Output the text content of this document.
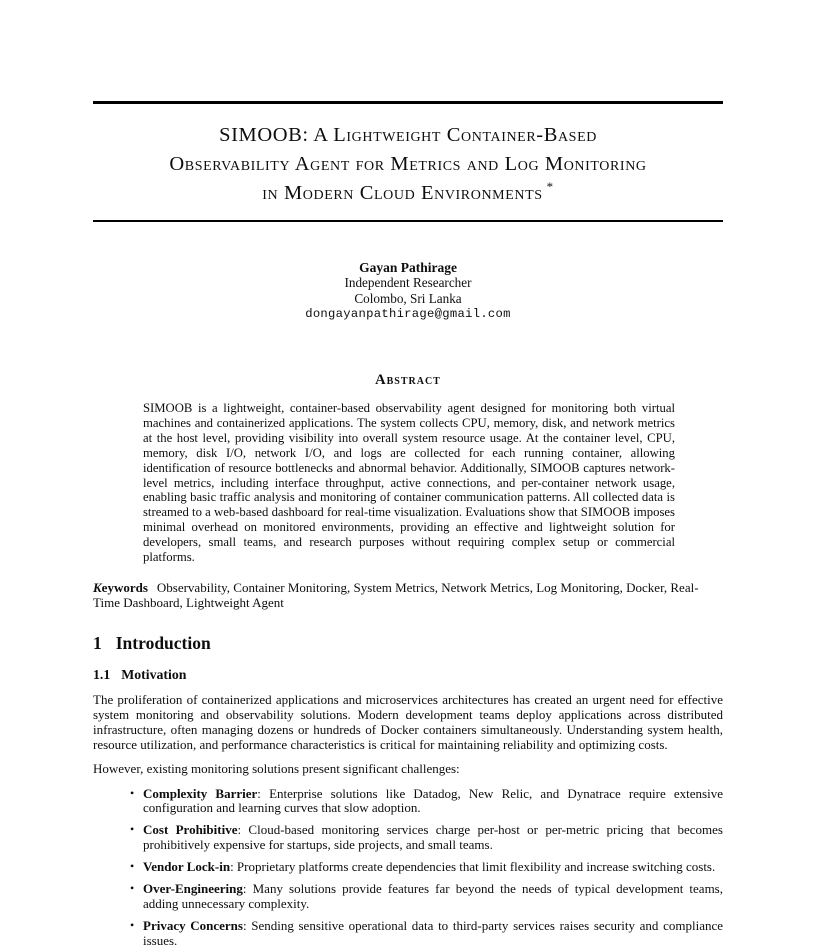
SIMOOB: A Lightweight Container-Based
Observability Agent for Metrics and Log Monitoring
in Modern Cloud Environments *
Gayan Pathirage
Independent Researcher
Colombo, Sri Lanka
dongayanpathirage@gmail.com
Abstract

SIMOOB is a lightweight, container-based observability agent designed for monitoring both virtual machines and containerized applications. The system collects CPU, memory, disk, and network metrics at the host level, providing visibility into overall system resource usage. At the container level, CPU, memory, disk I/O, network I/O, and logs are collected for each running container, allowing identification of resource bottlenecks and abnormal behavior. Additionally, SIMOOB captures network-level metrics, including interface throughput, active connections, and per-container network usage, enabling basic traffic analysis and monitoring of container communication patterns. All collected data is streamed to a web-based dashboard for real-time visualization. Evaluations show that SIMOOB imposes minimal overhead on monitored environments, providing an effective and lightweight solution for developers, small teams, and research purposes without requiring complex setup or commercial platforms.

Keywords Observability, Container Monitoring, System Metrics, Network Metrics, Log Monitoring, Docker, Real-Time Dashboard, Lightweight Agent

1 Introduction
1.1 Motivation

The proliferation of containerized applications and microservices architectures has created an urgent need for effective system monitoring and observability solutions. Modern development teams deploy applications across distributed infrastructure, often managing dozens or hundreds of Docker containers simultaneously. Understanding system health, resource utilization, and performance characteristics is critical for maintaining reliability and optimizing costs.

However, existing monitoring solutions present significant challenges:

• Complexity Barrier: Enterprise solutions like Datadog, New Relic, and Dynatrace require extensive configuration and learning curves that slow adoption.
• Cost Prohibitive: Cloud-based monitoring services charge per-host or per-metric pricing that becomes prohibitively expensive for startups, side projects, and small teams.
• Vendor Lock-in: Proprietary platforms create dependencies that limit flexibility and increase switching costs.
• Over-Engineering: Many solutions provide features far beyond the needs of typical development teams, adding unnecessary complexity.
• Privacy Concerns: Sending sensitive operational data to third-party services raises security and compliance issues.
